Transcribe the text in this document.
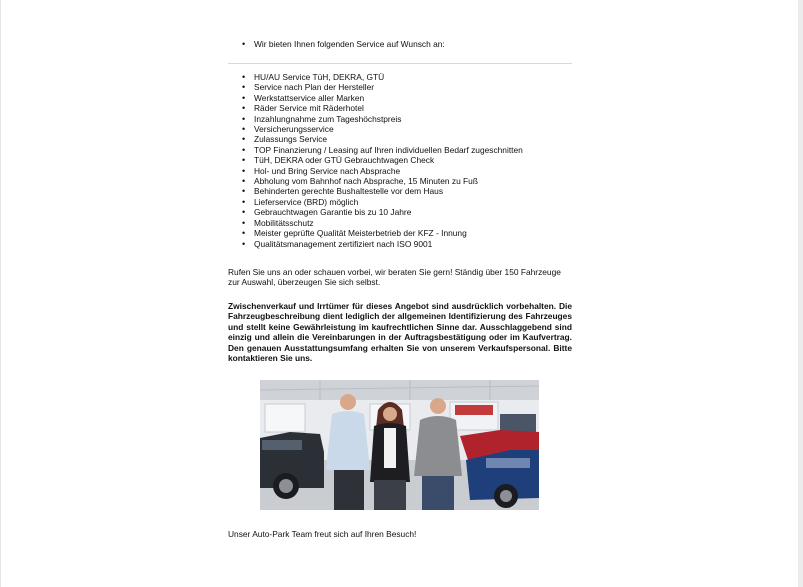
• Wir bieten Ihnen folgenden Service auf Wunsch an:
• HU/AU Service TüH, DEKRA, GTÜ
• Service nach Plan der Hersteller
• Werkstattservice aller Marken
• Räder Service mit Räderhotel
• Inzahlungnahme zum Tageshöchstpreis
• Versicherungsservice
• Zulassungs Service
• TOP Finanzierung / Leasing auf Ihren individuellen Bedarf zugeschnitten
• TüH, DEKRA oder GTÜ Gebrauchtwagen Check
• Hol- und Bring Service nach Absprache
• Abholung vom Bahnhof nach Absprache, 15 Minuten zu Fuß
• Behinderten gerechte Bushaltestelle vor dem Haus
• Lieferservice (BRD) möglich
• Gebrauchtwagen Garantie bis zu 10 Jahre
• Mobilitätsschutz
• Meister geprüfte Qualität Meisterbetrieb der KFZ - Innung
• Qualitätsmanagement zertifiziert nach ISO 9001

Rufen Sie uns an oder schauen vorbei, wir beraten Sie gern! Ständig über 150 Fahrzeuge zur Auswahl, überzeugen Sie sich selbst.

Zwischenverkauf und Irrtümer für dieses Angebot sind ausdrücklich vorbehalten. Die Fahrzeugbeschreibung dient lediglich der allgemeinen Identifizierung des Fahrzeuges und stellt keine Gewährleistung im kaufrechtlichen Sinne dar. Ausschlaggebend sind einzig und allein die Vereinbarungen in der Auftragsbestätigung oder im Kaufvertrag. Den genauen Ausstattungsumfang erhalten Sie von unserem Verkaufspersonal. Bitte kontaktieren Sie uns.

Unser Auto-Park Team freut sich auf Ihren Besuch!
